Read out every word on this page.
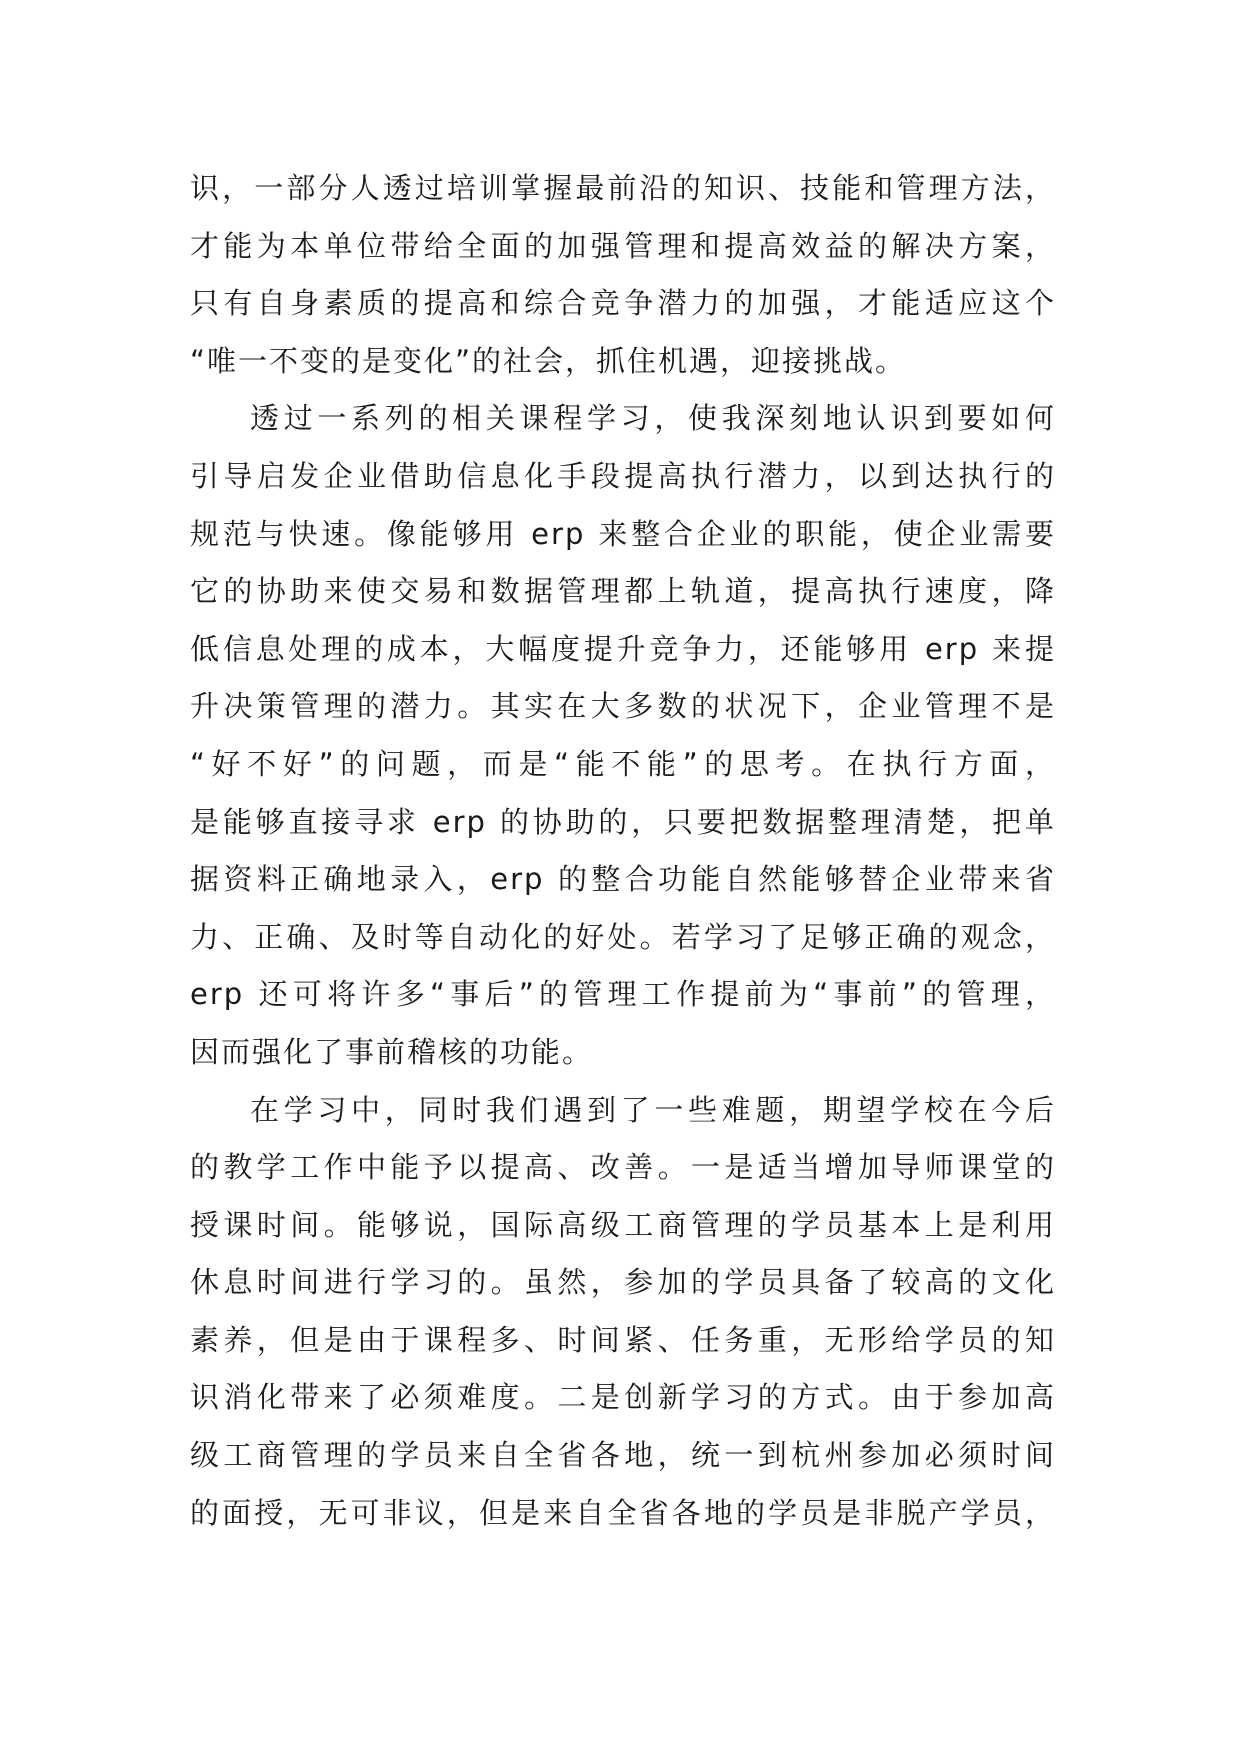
识，一部分人透过培训掌握最前沿的知识、技能和管理方法，
才能为本单位带给全面的加强管理和提高效益的解决方案，
只有自身素质的提高和综合竞争潜力的加强，才能适应这个
“唯一不变的是变化”的社会，抓住机遇，迎接挑战。
透过一系列的相关课程学习，使我深刻地认识到要如何
引导启发企业借助信息化手段提高执行潜力，以到达执行的
规范与快速。像能够用 erp 来整合企业的职能，使企业需要
它的协助来使交易和数据管理都上轨道，提高执行速度，降
低信息处理的成本，大幅度提升竞争力，还能够用 erp 来提
升决策管理的潜力。其实在大多数的状况下，企业管理不是
“好不好”的问题，而是“能不能”的思考。在执行方面，
是能够直接寻求 erp 的协助的，只要把数据整理清楚，把单
据资料正确地录入，erp 的整合功能自然能够替企业带来省
力、正确、及时等自动化的好处。若学习了足够正确的观念，
erp 还可将许多“事后”的管理工作提前为“事前”的管理，
因而强化了事前稽核的功能。
在学习中，同时我们遇到了一些难题，期望学校在今后
的教学工作中能予以提高、改善。一是适当增加导师课堂的
授课时间。能够说，国际高级工商管理的学员基本上是利用
休息时间进行学习的。虽然，参加的学员具备了较高的文化
素养，但是由于课程多、时间紧、任务重，无形给学员的知
识消化带来了必须难度。二是创新学习的方式。由于参加高
级工商管理的学员来自全省各地，统一到杭州参加必须时间
的面授，无可非议，但是来自全省各地的学员是非脱产学员，
